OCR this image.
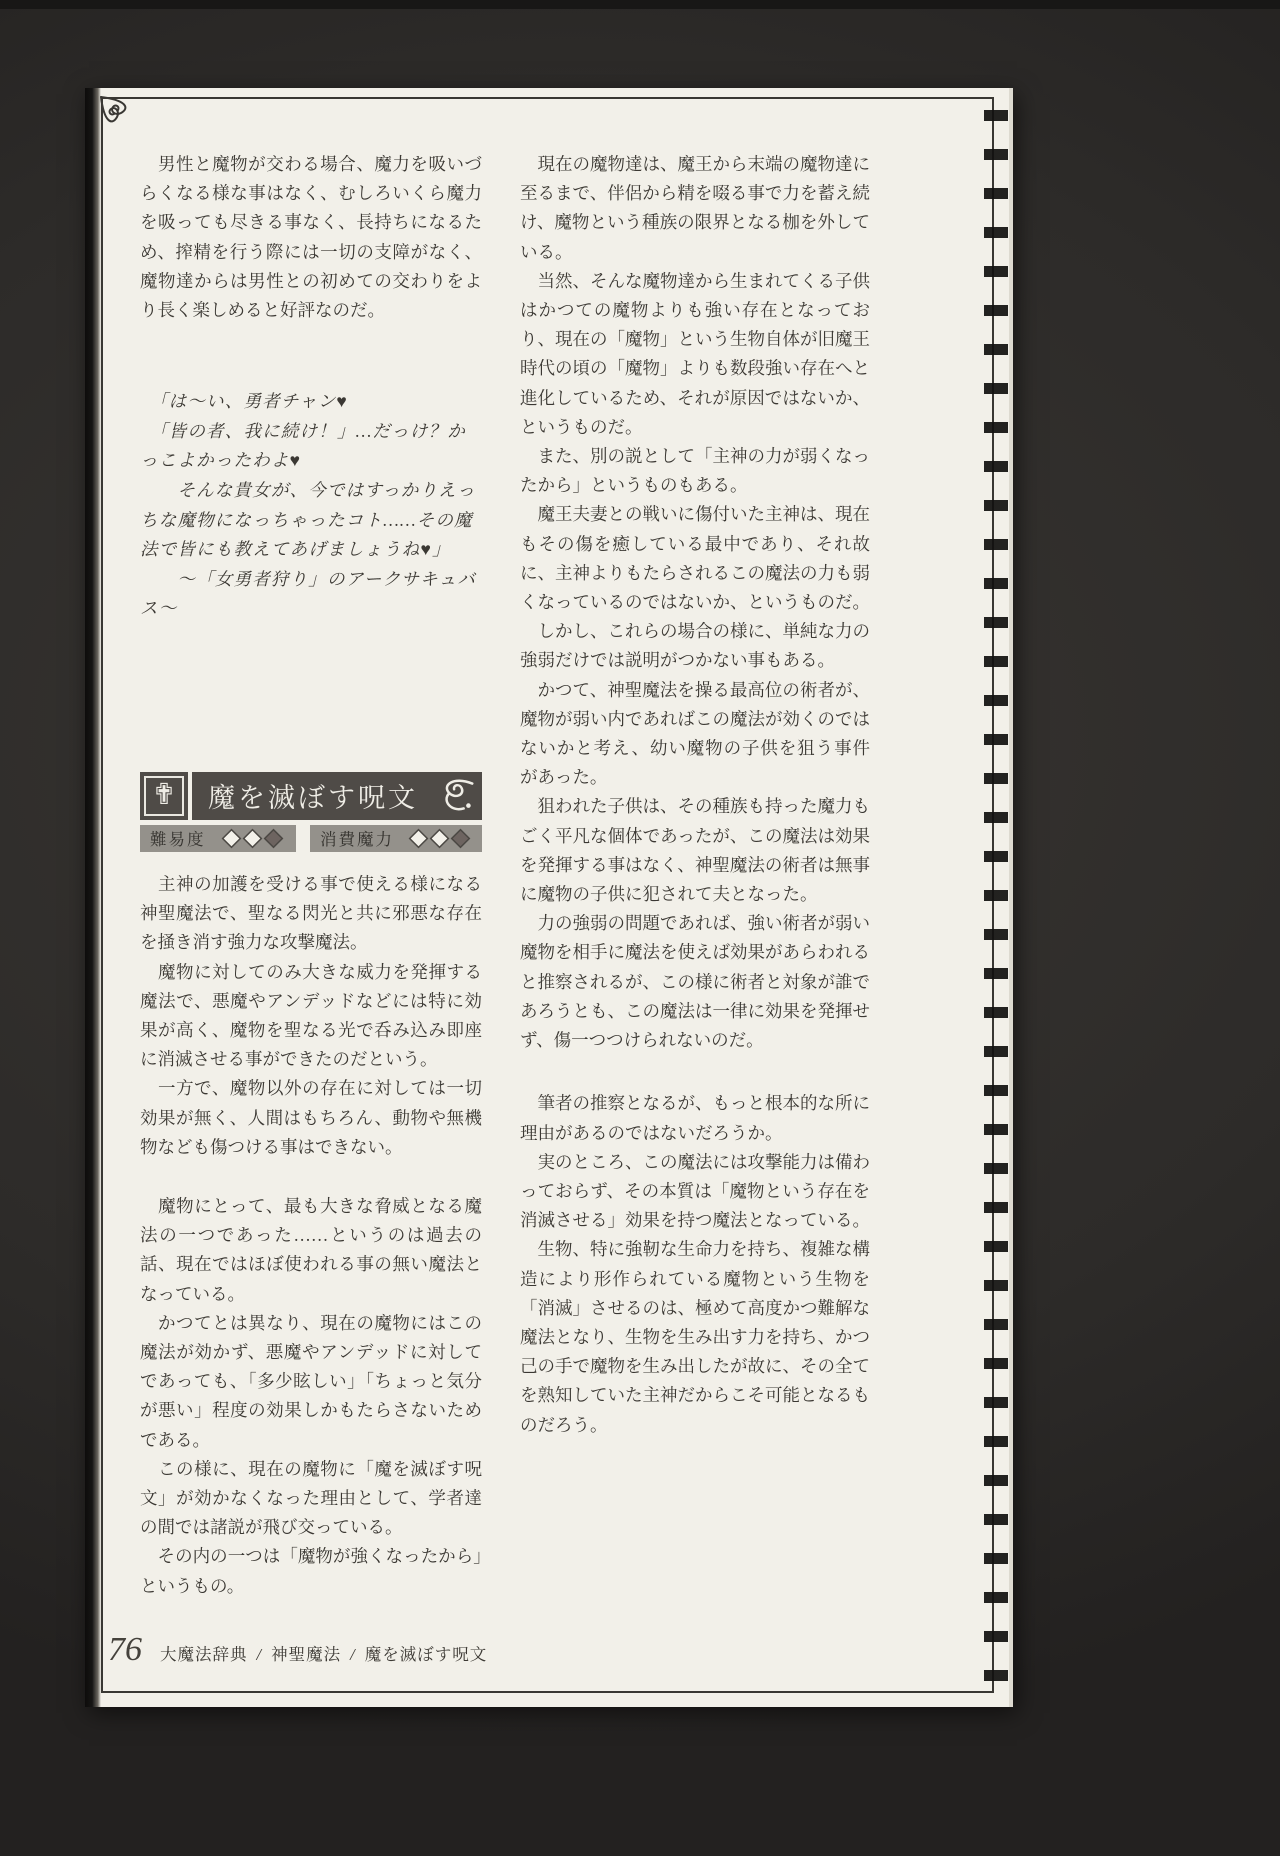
　男性と魔物が交わる場合、魔力を吸いづらくなる様な事はなく、むしろいくら魔力を吸っても尽きる事なく、長持ちになるため、搾精を行う際には一切の支障がなく、魔物達からは男性との初めての交わりをより長く楽しめると好評なのだ。

　「は〜い、勇者チャン♥

　「皆の者、我に続け！」…だっけ？かっこよかったわよ♥

　　そんな貴女が、今ではすっかりえっちな魔物になっちゃったコト……その魔法で皆にも教えてあげましょうね♥」

　　〜「女勇者狩り」のアークサキュバス〜

✟ 魔を滅ぼす呪文
難易度	消費魔力

　主神の加護を受ける事で使える様になる神聖魔法で、聖なる閃光と共に邪悪な存在を掻き消す強力な攻撃魔法。

　魔物に対してのみ大きな威力を発揮する魔法で、悪魔やアンデッドなどには特に効果が高く、魔物を聖なる光で呑み込み即座に消滅させる事ができたのだという。

　一方で、魔物以外の存在に対しては一切効果が無く、人間はもちろん、動物や無機物なども傷つける事はできない。

　魔物にとって、最も大きな脅威となる魔法の一つであった……というのは過去の話、現在ではほぼ使われる事の無い魔法となっている。

　かつてとは異なり、現在の魔物にはこの魔法が効かず、悪魔やアンデッドに対してであっても、「多少眩しい」「ちょっと気分が悪い」程度の効果しかもたらさないためである。

　この様に、現在の魔物に「魔を滅ぼす呪文」が効かなくなった理由として、学者達の間では諸説が飛び交っている。

　その内の一つは「魔物が強くなったから」というもの。

　現在の魔物達は、魔王から末端の魔物達に至るまで、伴侶から精を啜る事で力を蓄え続け、魔物という種族の限界となる枷を外している。

　当然、そんな魔物達から生まれてくる子供はかつての魔物よりも強い存在となっており、現在の「魔物」という生物自体が旧魔王時代の頃の「魔物」よりも数段強い存在へと進化しているため、それが原因ではないか、というものだ。

　また、別の説として「主神の力が弱くなったから」というものもある。

　魔王夫妻との戦いに傷付いた主神は、現在もその傷を癒している最中であり、それ故に、主神よりもたらされるこの魔法の力も弱くなっているのではないか、というものだ。

　しかし、これらの場合の様に、単純な力の強弱だけでは説明がつかない事もある。

　かつて、神聖魔法を操る最高位の術者が、魔物が弱い内であればこの魔法が効くのではないかと考え、幼い魔物の子供を狙う事件があった。

　狙われた子供は、その種族も持った魔力もごく平凡な個体であったが、この魔法は効果を発揮する事はなく、神聖魔法の術者は無事に魔物の子供に犯されて夫となった。

　力の強弱の問題であれば、強い術者が弱い魔物を相手に魔法を使えば効果があらわれると推察されるが、この様に術者と対象が誰であろうとも、この魔法は一律に効果を発揮せず、傷一つつけられないのだ。

　筆者の推察となるが、もっと根本的な所に理由があるのではないだろうか。

　実のところ、この魔法には攻撃能力は備わっておらず、その本質は「魔物という存在を消滅させる」効果を持つ魔法となっている。

　生物、特に強靭な生命力を持ち、複雑な構造により形作られている魔物という生物を「消滅」させるのは、極めて高度かつ難解な魔法となり、生物を生み出す力を持ち、かつ己の手で魔物を生み出したが故に、その全てを熟知していた主神だからこそ可能となるものだろう。

76 大魔法辞典 / 神聖魔法 / 魔を滅ぼす呪文
